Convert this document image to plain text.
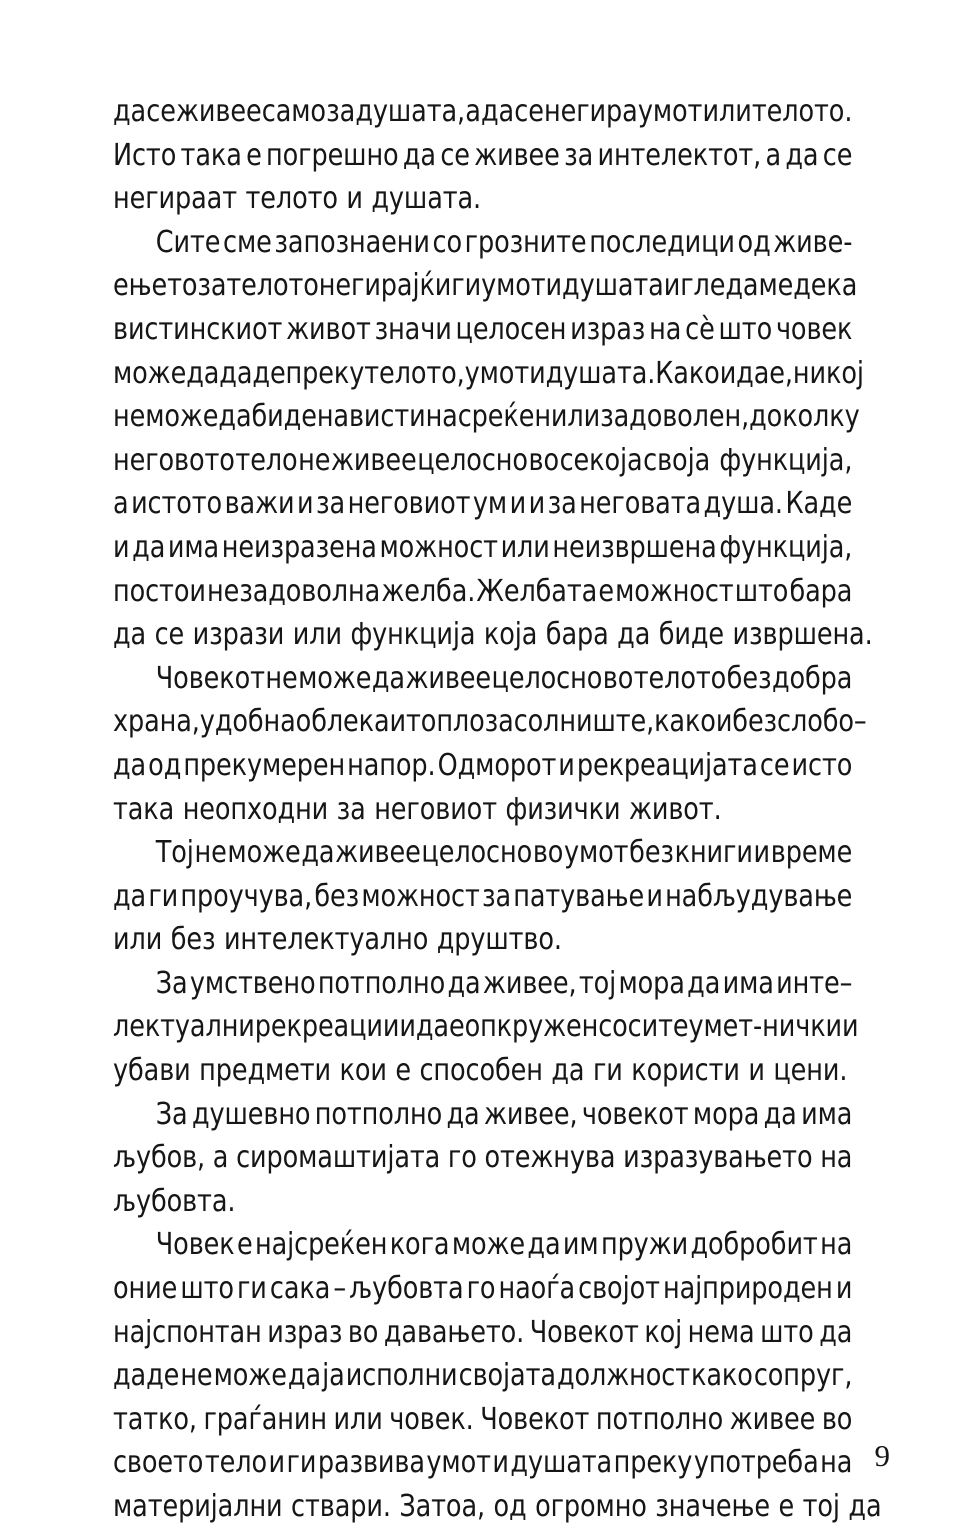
да се живее само за душата, а да се негира умот или телото.
Исто така е погрешно да се живее за интелектот, а да се
негираат телото и душата.
Сите сме запознаени со грозните последици од живе-
ењето за телото негирајќи ги умот и душата и гледаме дека
вистинскиот живот значи целосен израз на сѐ што човек
може да даде преку телото, умот и душата. Како и да е, никој
не може да биде навистина среќен или задоволен, доколку
неговото тело не живее целосно во секоја своја
функција,
а истото важи и за неговиот ум и и за неговата душа. Каде
и да има неизразена можност или неизвршена функција,
постои незадоволна желба. Желбата е можност што бара
да се изрази или функција која бара да биде извршена.
Човекот не може да живее целосно во телото без добра
храна, удобна облека и топло засолниште, како и без слобо–
да од прекумерен напор. Одморот и рекреацијата се исто
така неопходни за неговиот физички живот.
Тој не може да живее целосно во умот без книги и време
да ги проучува, без можност за патување и набљудување
или без интелектуално друштво.
За умствено потполно да живее, тој мора да има инте–
лектуални рекреации и да е опкружен со сите умет-нички и
убави предмети кои е способен да ги користи и цени.
За душевно потполно да живее, човекот мора да има
љубов, а сиромаштијата го отежнува изразувањето на
љубовта.
Човек е најсреќен кога може да им пружи добробит на
оние што ги сака – љубовта го наоѓа својот најприроден и
најспонтан израз во давањето. Човекот кој нема што да
даде не може да ја исполни својата должност како сопруг,
татко, граѓанин или човек. Човекот потполно живее во
своето тело и ги развива умот и душата преку употреба на
материјални ствари. Затоа, од огромно значење е тој да
9
